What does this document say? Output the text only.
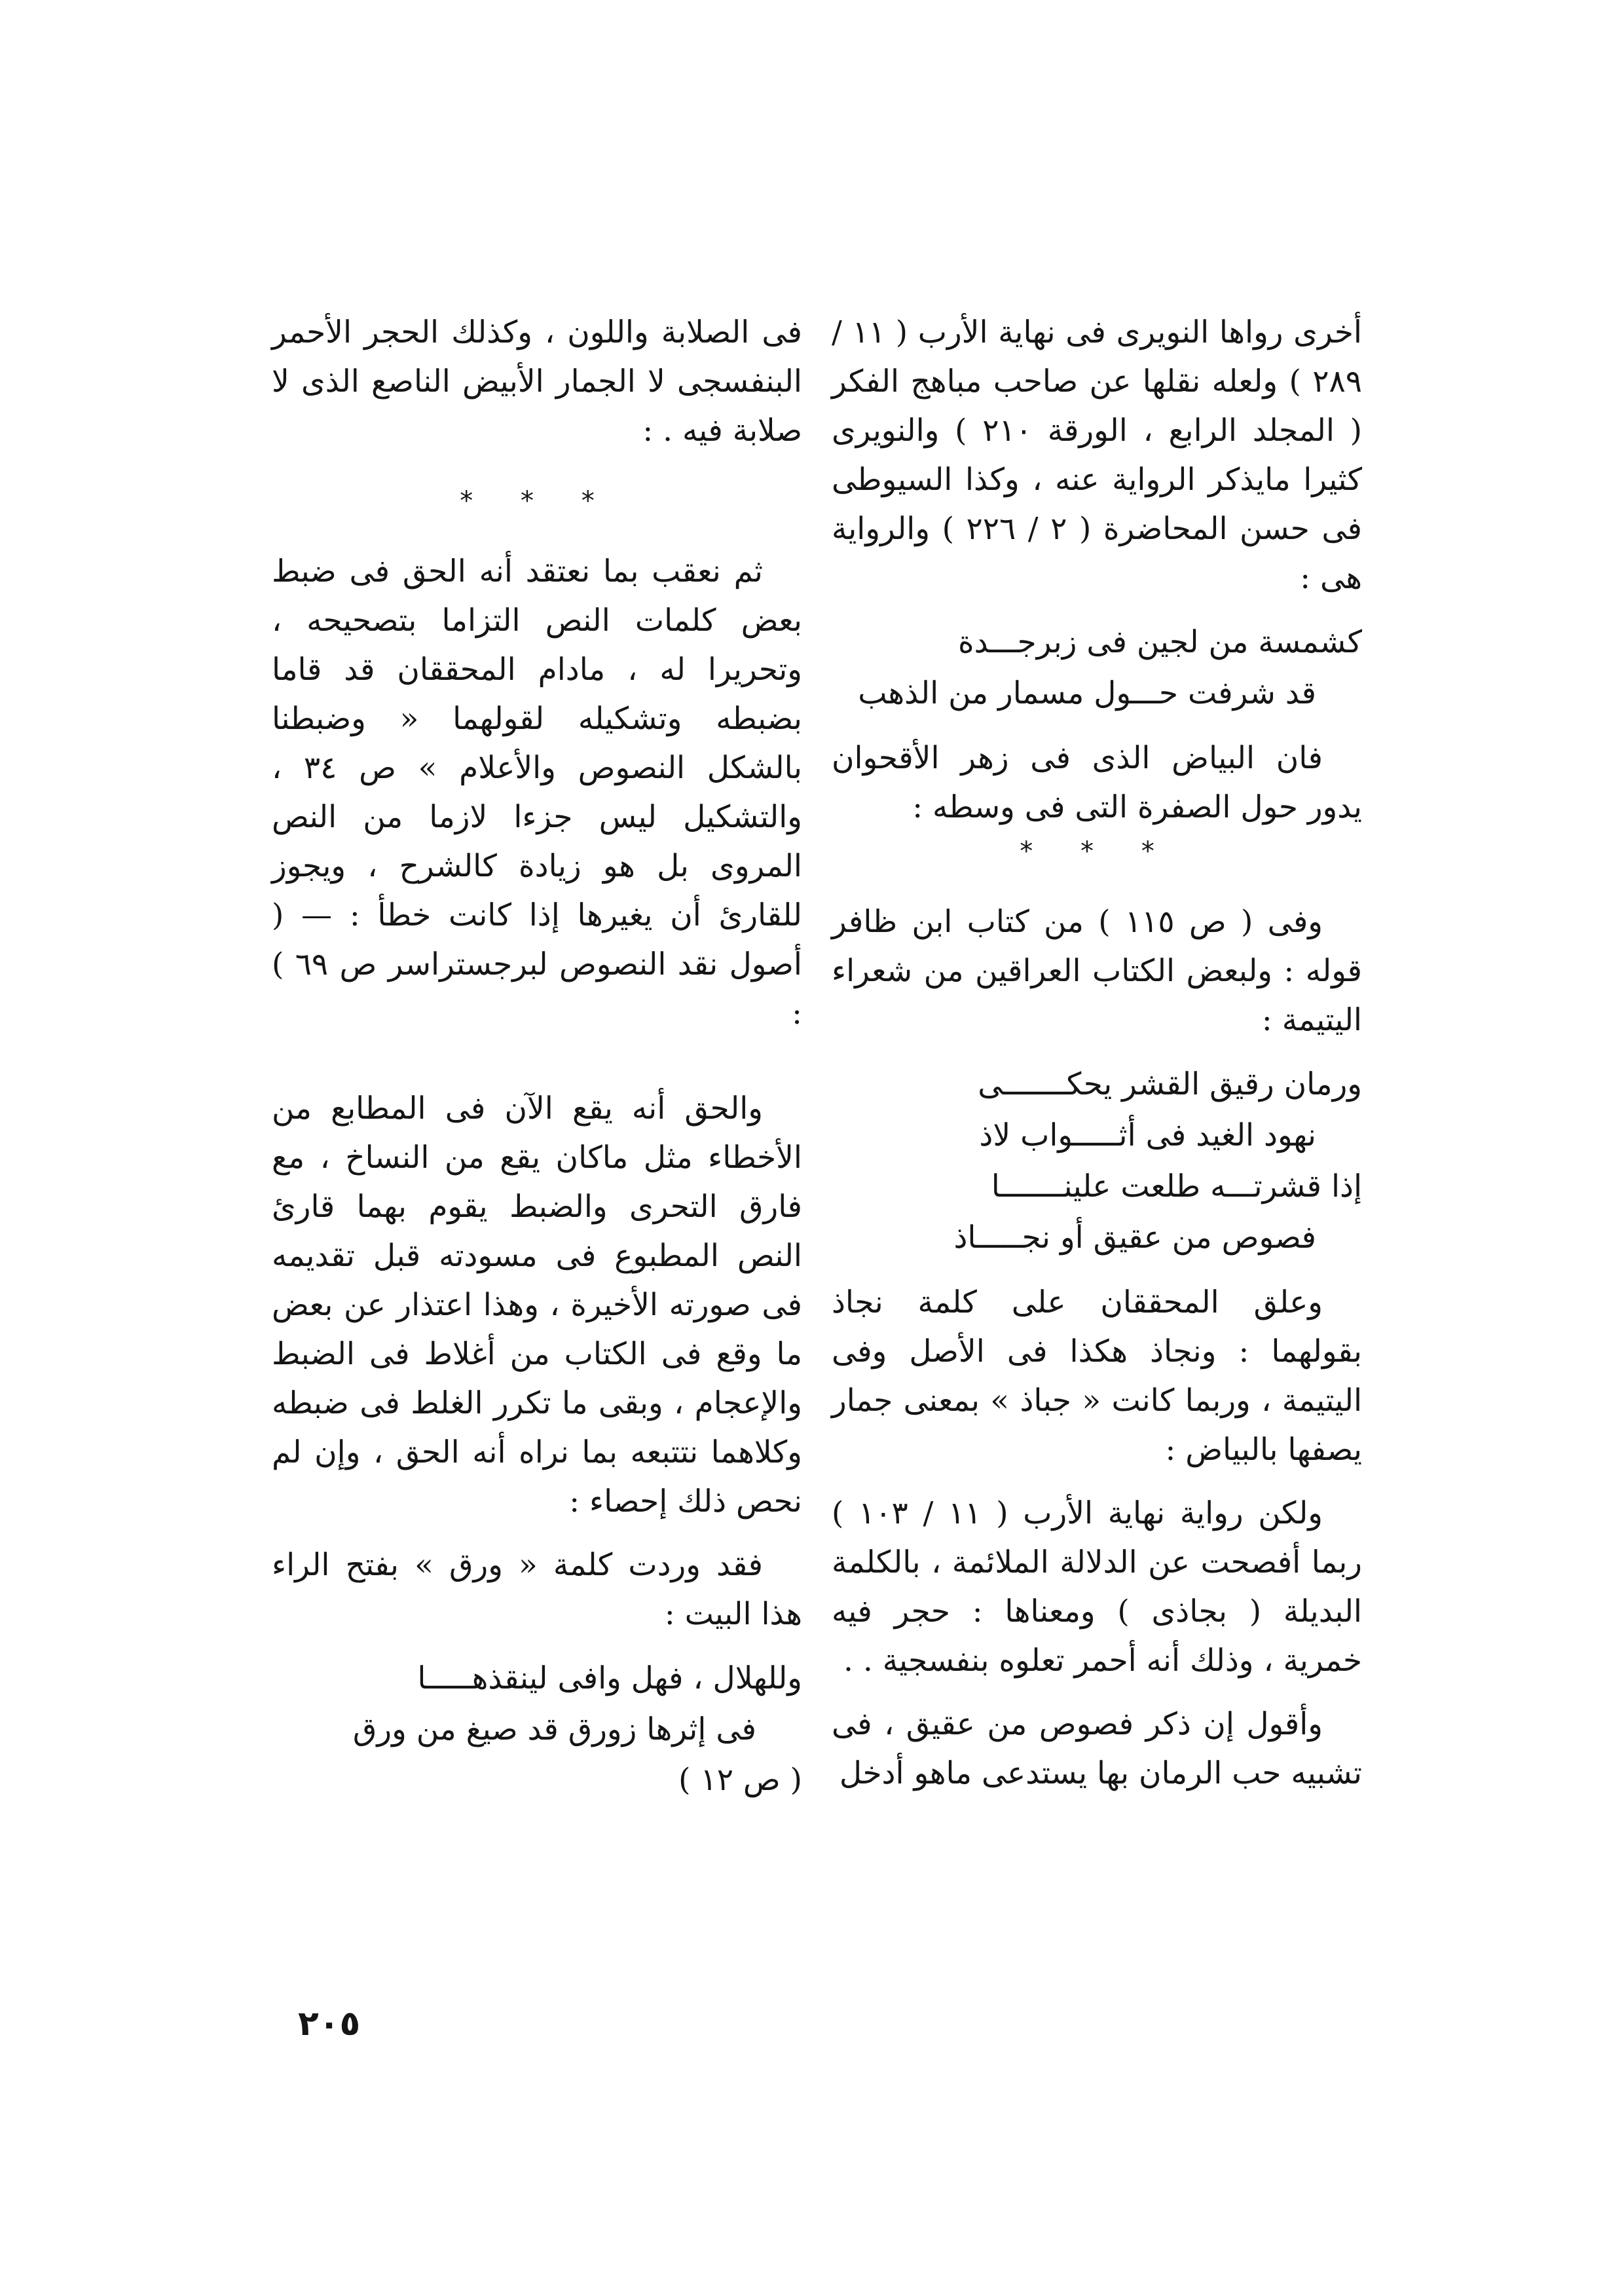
أخرى رواها النويرى فى نهاية الأرب ( ١١ / ٢٨٩ ) ولعله نقلها عن صاحب مباهج الفكر ( المجلد الرابع ، الورقة ٢١٠ ) والنويرى كثيرا مايذكر الرواية عنه ، وكذا السيوطى فى حسن المحاضرة ( ٢ / ٢٢٦ ) والرواية هى :

كشمسة من لجين فى زبرجـــدة
قد شرفت حـــول مسمار من الذهب

فان البياض الذى فى زهر الأقحوان يدور حول الصفرة التى فى وسطه :

* * *

وفى ( ص ١١٥ ) من كتاب ابن ظافر قوله : ولبعض الكتاب العراقين من شعراء اليتيمة :

ورمان رقيق القشر يحكـــــــى
نهود الغيد فى أثـــــواب لاذ
إذا قشرتـــه طلعت علينـــــــا
فصوص من عقيق أو نجـــــاذ

وعلق المحققان على كلمة نجاذ بقولهما : ونجاذ هكذا فى الأصل وفى اليتيمة ، وربما كانت « جباذ » بمعنى جمار يصفها بالبياض :

ولكن رواية نهاية الأرب ( ١١ / ١٠٣ ) ربما أفصحت عن الدلالة الملائمة ، بالكلمة البديلة ( بجاذى ) ومعناها : حجر فيه خمرية ، وذلك أنه أحمر تعلوه بنفسجية . .

وأقول إن ذكر فصوص من عقيق ، فى تشبيه حب الرمان بها يستدعى ماهو أدخل

فى الصلابة واللون ، وكذلك الحجر الأحمر البنفسجى لا الجمار الأبيض الناصع الذى لا صلابة فيه . :

* * *

ثم نعقب بما نعتقد أنه الحق فى ضبط بعض كلمات النص التزاما بتصحيحه ، وتحريرا له ، مادام المحققان قد قاما بضبطه وتشكيله لقولهما « وضبطنا بالشكل النصوص والأعلام » ص ٣٤ ، والتشكيل ليس جزءا لازما من النص المروى بل هو زيادة كالشرح ، ويجوز للقارئ أن يغيرها إذا كانت خطأ : — ( أصول نقد النصوص لبرجستراسر ص ٦٩ ) :

والحق أنه يقع الآن فى المطابع من الأخطاء مثل ماكان يقع من النساخ ، مع فارق التحرى والضبط يقوم بهما قارئ النص المطبوع فى مسودته قبل تقديمه فى صورته الأخيرة ، وهذا اعتذار عن بعض ما وقع فى الكتاب من أغلاط فى الضبط والإعجام ، وبقى ما تكرر الغلط فى ضبطه وكلاهما نتتبعه بما نراه أنه الحق ، وإن لم نحص ذلك إحصاء :

فقد وردت كلمة « ورق » بفتح الراء هذا البيت :

وللهلال ، فهل وافى لينقذهـــــا
فى إثرها زورق قد صيغ من ورق

( ص ١٢ )

٢٠٥
